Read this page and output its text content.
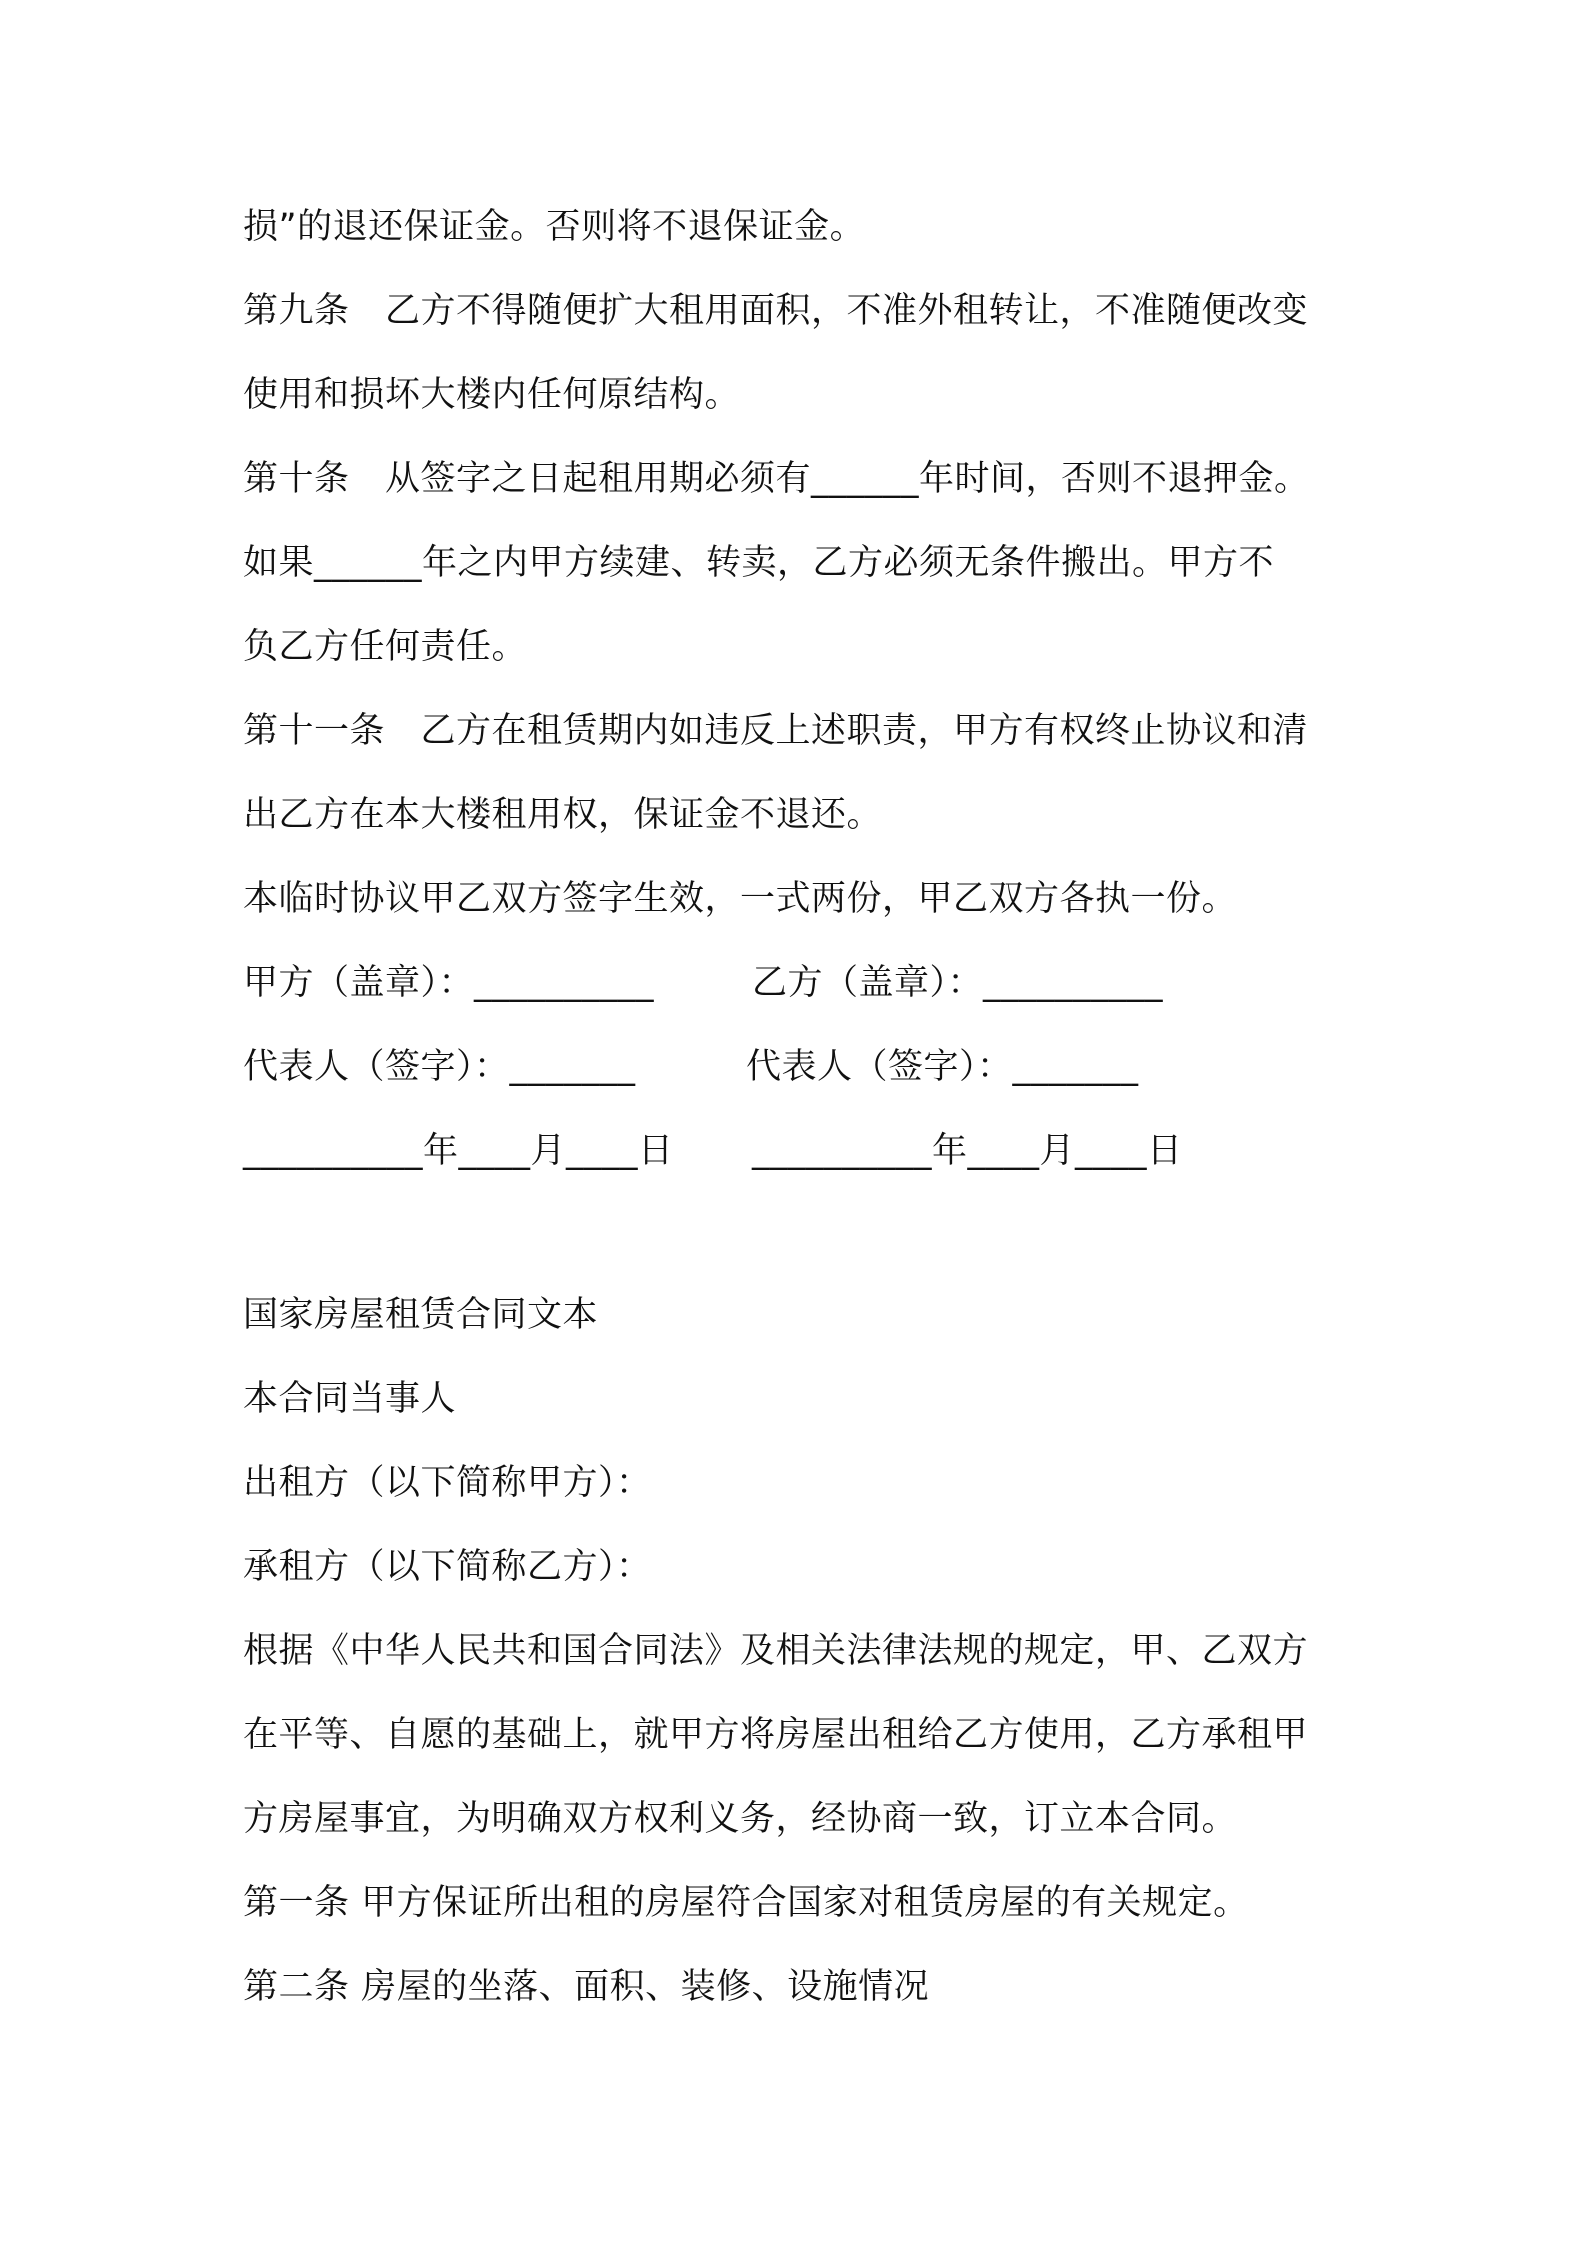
损”的退还保证金。否则将不退保证金。
第九条　乙方不得随便扩大租用面积，不准外租转让，不准随便改变
使用和损坏大楼内任何原结构。
第十条　从签字之日起租用期必须有______年时间，否则不退押金。
如果______年之内甲方续建、转卖，乙方必须无条件搬出。甲方不
负乙方任何责任。
第十一条　乙方在租赁期内如违反上述职责，甲方有权终止协议和清
出乙方在本大楼租用权，保证金不退还。
本临时协议甲乙双方签字生效，一式两份，甲乙双方各执一份。
甲方（盖章）：__________	乙方（盖章）：__________
代表人（签字）：_______	代表人（签字）：_______
__________年____月____日 __________年____月____日
国家房屋租赁合同文本
本合同当事人
出租方（以下简称甲方）：
承租方（以下简称乙方）：
根据《中华人民共和国合同法》及相关法律法规的规定，甲、乙双方
在平等、自愿的基础上，就甲方将房屋出租给乙方使用，乙方承租甲
方房屋事宜，为明确双方权利义务，经协商一致，订立本合同。
第一条 甲方保证所出租的房屋符合国家对租赁房屋的有关规定。
第二条 房屋的坐落、面积、装修、设施情况
